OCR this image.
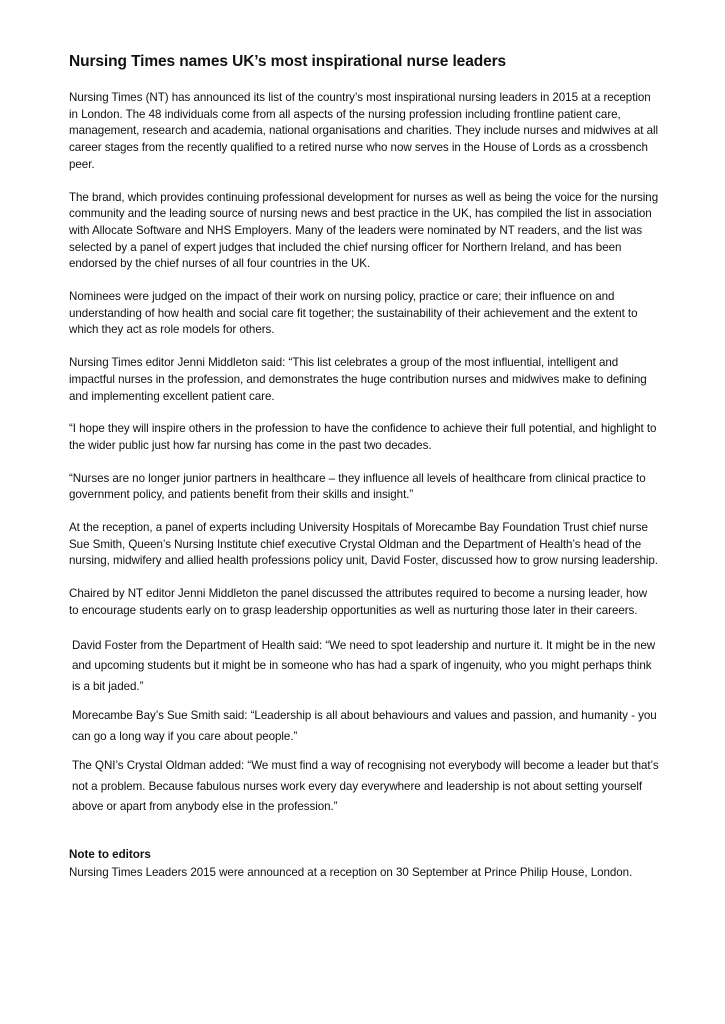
Nursing Times names UK’s most inspirational nurse leaders

Nursing Times (NT) has announced its list of the country’s most inspirational nursing leaders in 2015 at a reception in London. The 48 individuals come from all aspects of the nursing profession including frontline patient care, management, research and academia, national organisations and charities. They include nurses and midwives at all career stages from the recently qualified to a retired nurse who now serves in the House of Lords as a crossbench peer.

The brand, which provides continuing professional development for nurses as well as being the voice for the nursing community and the leading source of nursing news and best practice in the UK, has compiled the list in association with Allocate Software and NHS Employers. Many of the leaders were nominated by NT readers, and the list was selected by a panel of expert judges that included the chief nursing officer for Northern Ireland, and has been endorsed by the chief nurses of all four countries in the UK.

Nominees were judged on the impact of their work on nursing policy, practice or care; their influence on and understanding of how health and social care fit together; the sustainability of their achievement and the extent to which they act as role models for others.

Nursing Times editor Jenni Middleton said: “This list celebrates a group of the most influential, intelligent and impactful nurses in the profession, and demonstrates the huge contribution nurses and midwives make to defining and implementing excellent patient care.

“I hope they will inspire others in the profession to have the confidence to achieve their full potential, and highlight to the wider public just how far nursing has come in the past two decades.

“Nurses are no longer junior partners in healthcare – they influence all levels of healthcare from clinical practice to government policy, and patients benefit from their skills and insight.”

At the reception, a panel of experts including University Hospitals of Morecambe Bay Foundation Trust chief nurse Sue Smith, Queen’s Nursing Institute chief executive Crystal Oldman and the Department of Health’s head of the nursing, midwifery and allied health professions policy unit, David Foster, discussed how to grow nursing leadership.

Chaired by NT editor Jenni Middleton the panel discussed the attributes required to become a nursing leader, how to encourage students early on to grasp leadership opportunities as well as nurturing those later in their careers.

David Foster from the Department of Health said: “We need to spot leadership and nurture it. It might be in the new and upcoming students but it might be in someone who has had a spark of ingenuity, who you might perhaps think is a bit jaded.”

Morecambe Bay’s Sue Smith said: “Leadership is all about behaviours and values and passion, and humanity - you can go a long way if you care about people.”

The QNI’s Crystal Oldman added: “We must find a way of recognising not everybody will become a leader but that’s not a problem. Because fabulous nurses work every day everywhere and leadership is not about setting yourself above or apart from anybody else in the profession.”

Note to editors

Nursing Times Leaders 2015 were announced at a reception on 30 September at Prince Philip House, London.
